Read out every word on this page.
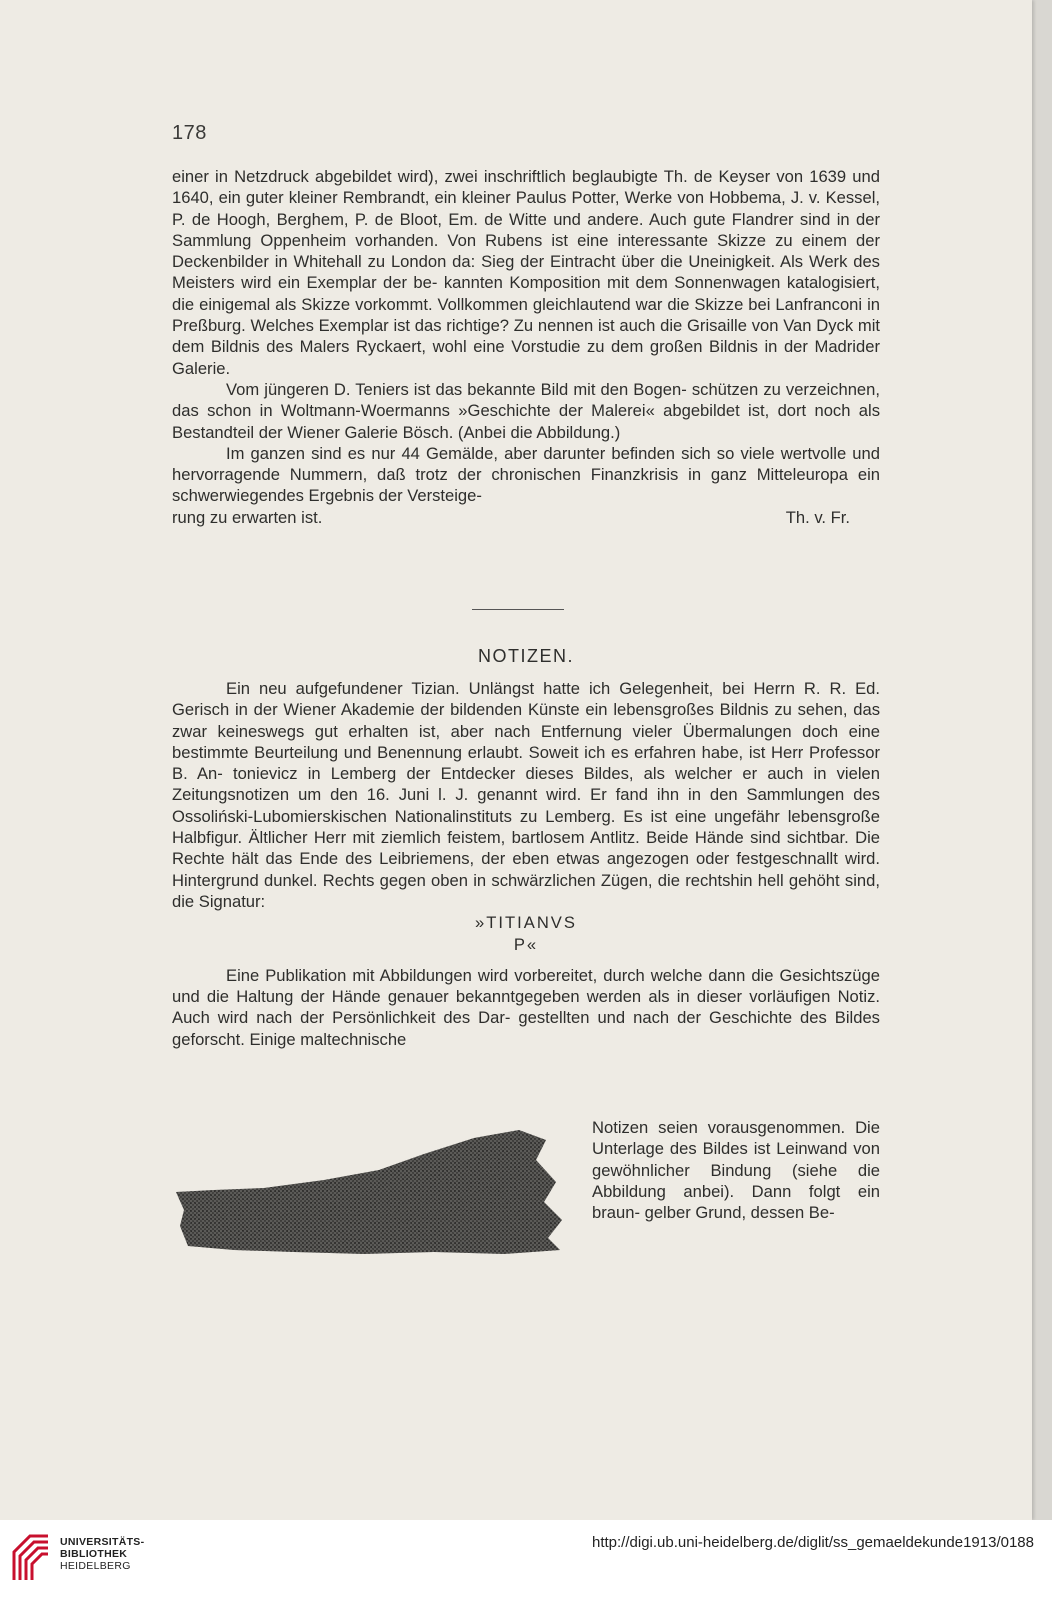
178

einer in Netzdruck abgebildet wird), zwei inschriftlich beglaubigte Th. de Keyser von 1639 und 1640, ein guter kleiner Rembrandt, ein kleiner Paulus Potter, Werke von Hobbema, J. v. Kessel, P. de Hoogh, Berghem, P. de Bloot, Em. de Witte und andere. Auch gute Flandrer sind in der Sammlung Oppenheim vorhanden. Von Rubens ist eine interessante Skizze zu einem der Deckenbilder in Whitehall zu London da: Sieg der Eintracht über die Uneinigkeit. Als Werk des Meisters wird ein Exemplar der be- kannten Komposition mit dem Sonnenwagen katalogisiert, die einigemal als Skizze vorkommt. Vollkommen gleichlautend war die Skizze bei Lanfranconi in Preßburg. Welches Exemplar ist das richtige? Zu nennen ist auch die Grisaille von Van Dyck mit dem Bildnis des Malers Ryckaert, wohl eine Vorstudie zu dem großen Bildnis in der Madrider Galerie.

Vom jüngeren D. Teniers ist das bekannte Bild mit den Bogen- schützen zu verzeichnen, das schon in Woltmann-Woermanns »Geschichte der Malerei« abgebildet ist, dort noch als Bestandteil der Wiener Galerie Bösch. (Anbei die Abbildung.)

Im ganzen sind es nur 44 Gemälde, aber darunter befinden sich so viele wertvolle und hervorragende Nummern, daß trotz der chronischen Finanzkrisis in ganz Mitteleuropa ein schwerwiegendes Ergebnis der Versteige-

rung zu erwarten ist.	Th. v. Fr.
NOTIZEN.

Ein neu aufgefundener Tizian. Unlängst hatte ich Gelegenheit, bei Herrn R. R. Ed. Gerisch in der Wiener Akademie der bildenden Künste ein lebensgroßes Bildnis zu sehen, das zwar keineswegs gut erhalten ist, aber nach Entfernung vieler Übermalungen doch eine bestimmte Beurteilung und Benennung erlaubt. Soweit ich es erfahren habe, ist Herr Professor B. An- tonievicz in Lemberg der Entdecker dieses Bildes, als welcher er auch in vielen Zeitungsnotizen um den 16. Juni l. J. genannt wird. Er fand ihn in den Sammlungen des Ossoliński-Lubomierskischen Nationalinstituts zu Lemberg. Es ist eine ungefähr lebensgroße Halbfigur. Ältlicher Herr mit ziemlich feistem, bartlosem Antlitz. Beide Hände sind sichtbar. Die Rechte hält das Ende des Leibriemens, der eben etwas angezogen oder festgeschnallt wird. Hintergrund dunkel. Rechts gegen oben in schwärzlichen Zügen, die rechtshin hell gehöht sind, die Signatur:

»TITIANVS

P«

Eine Publikation mit Abbildungen wird vorbereitet, durch welche dann die Gesichtszüge und die Haltung der Hände genauer bekanntgegeben werden als in dieser vorläufigen Notiz. Auch wird nach der Persönlichkeit des Dar- gestellten und nach der Geschichte des Bildes geforscht. Einige maltechnische

Notizen seien vorausgenommen. Die Unterlage des Bildes ist Leinwand von gewöhnlicher Bindung (siehe die Abbildung anbei). Dann folgt ein braun- gelber Grund, dessen Be-

UNIVERSITÄTS-
BIBLIOTHEK
HEIDELBERG
http://digi.ub.uni-heidelberg.de/diglit/ss_gemaeldekunde1913/0188
